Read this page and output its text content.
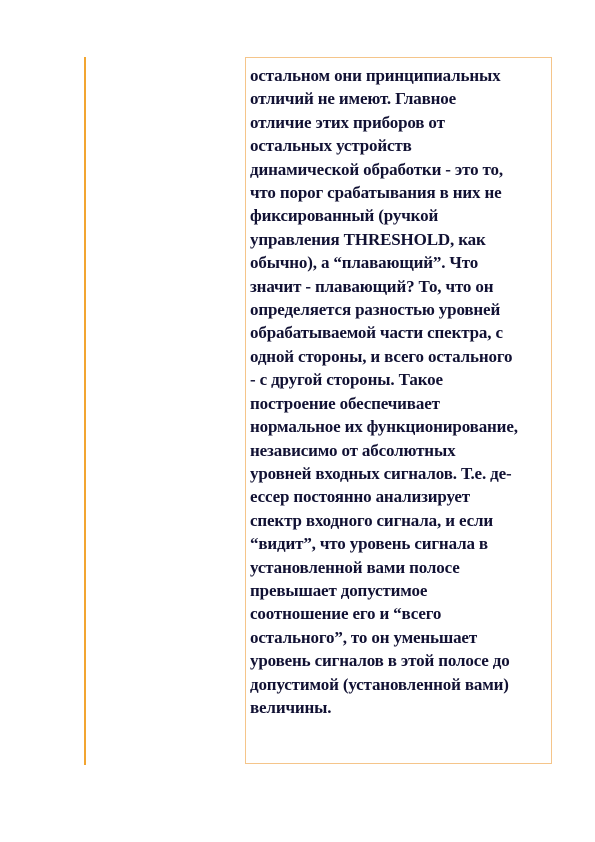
остальном они принципиальных
отличий не имеют. Главное
отличие этих приборов от
остальных устройств
динамической обработки - это то,
что порог срабатывания в них не
фиксированный (ручкой
управления THRESHOLD, как
обычно), а “плавающий”. Что
значит - плавающий? То, что он
определяется разностью уровней
обрабатываемой части спектра, с
одной стороны, и всего остального
- с другой стороны. Такое
построение обеспечивает
нормальное их функционирование,
независимо от абсолютных
уровней входных сигналов. Т.е. де-
ессер постоянно анализирует
спектр входного сигнала, и если
“видит”, что уровень сигнала в
установленной вами полосе
превышает допустимое
соотношение его и “всего
остального”, то он уменьшает
уровень сигналов в этой полосе до
допустимой (установленной вами)
величины.
